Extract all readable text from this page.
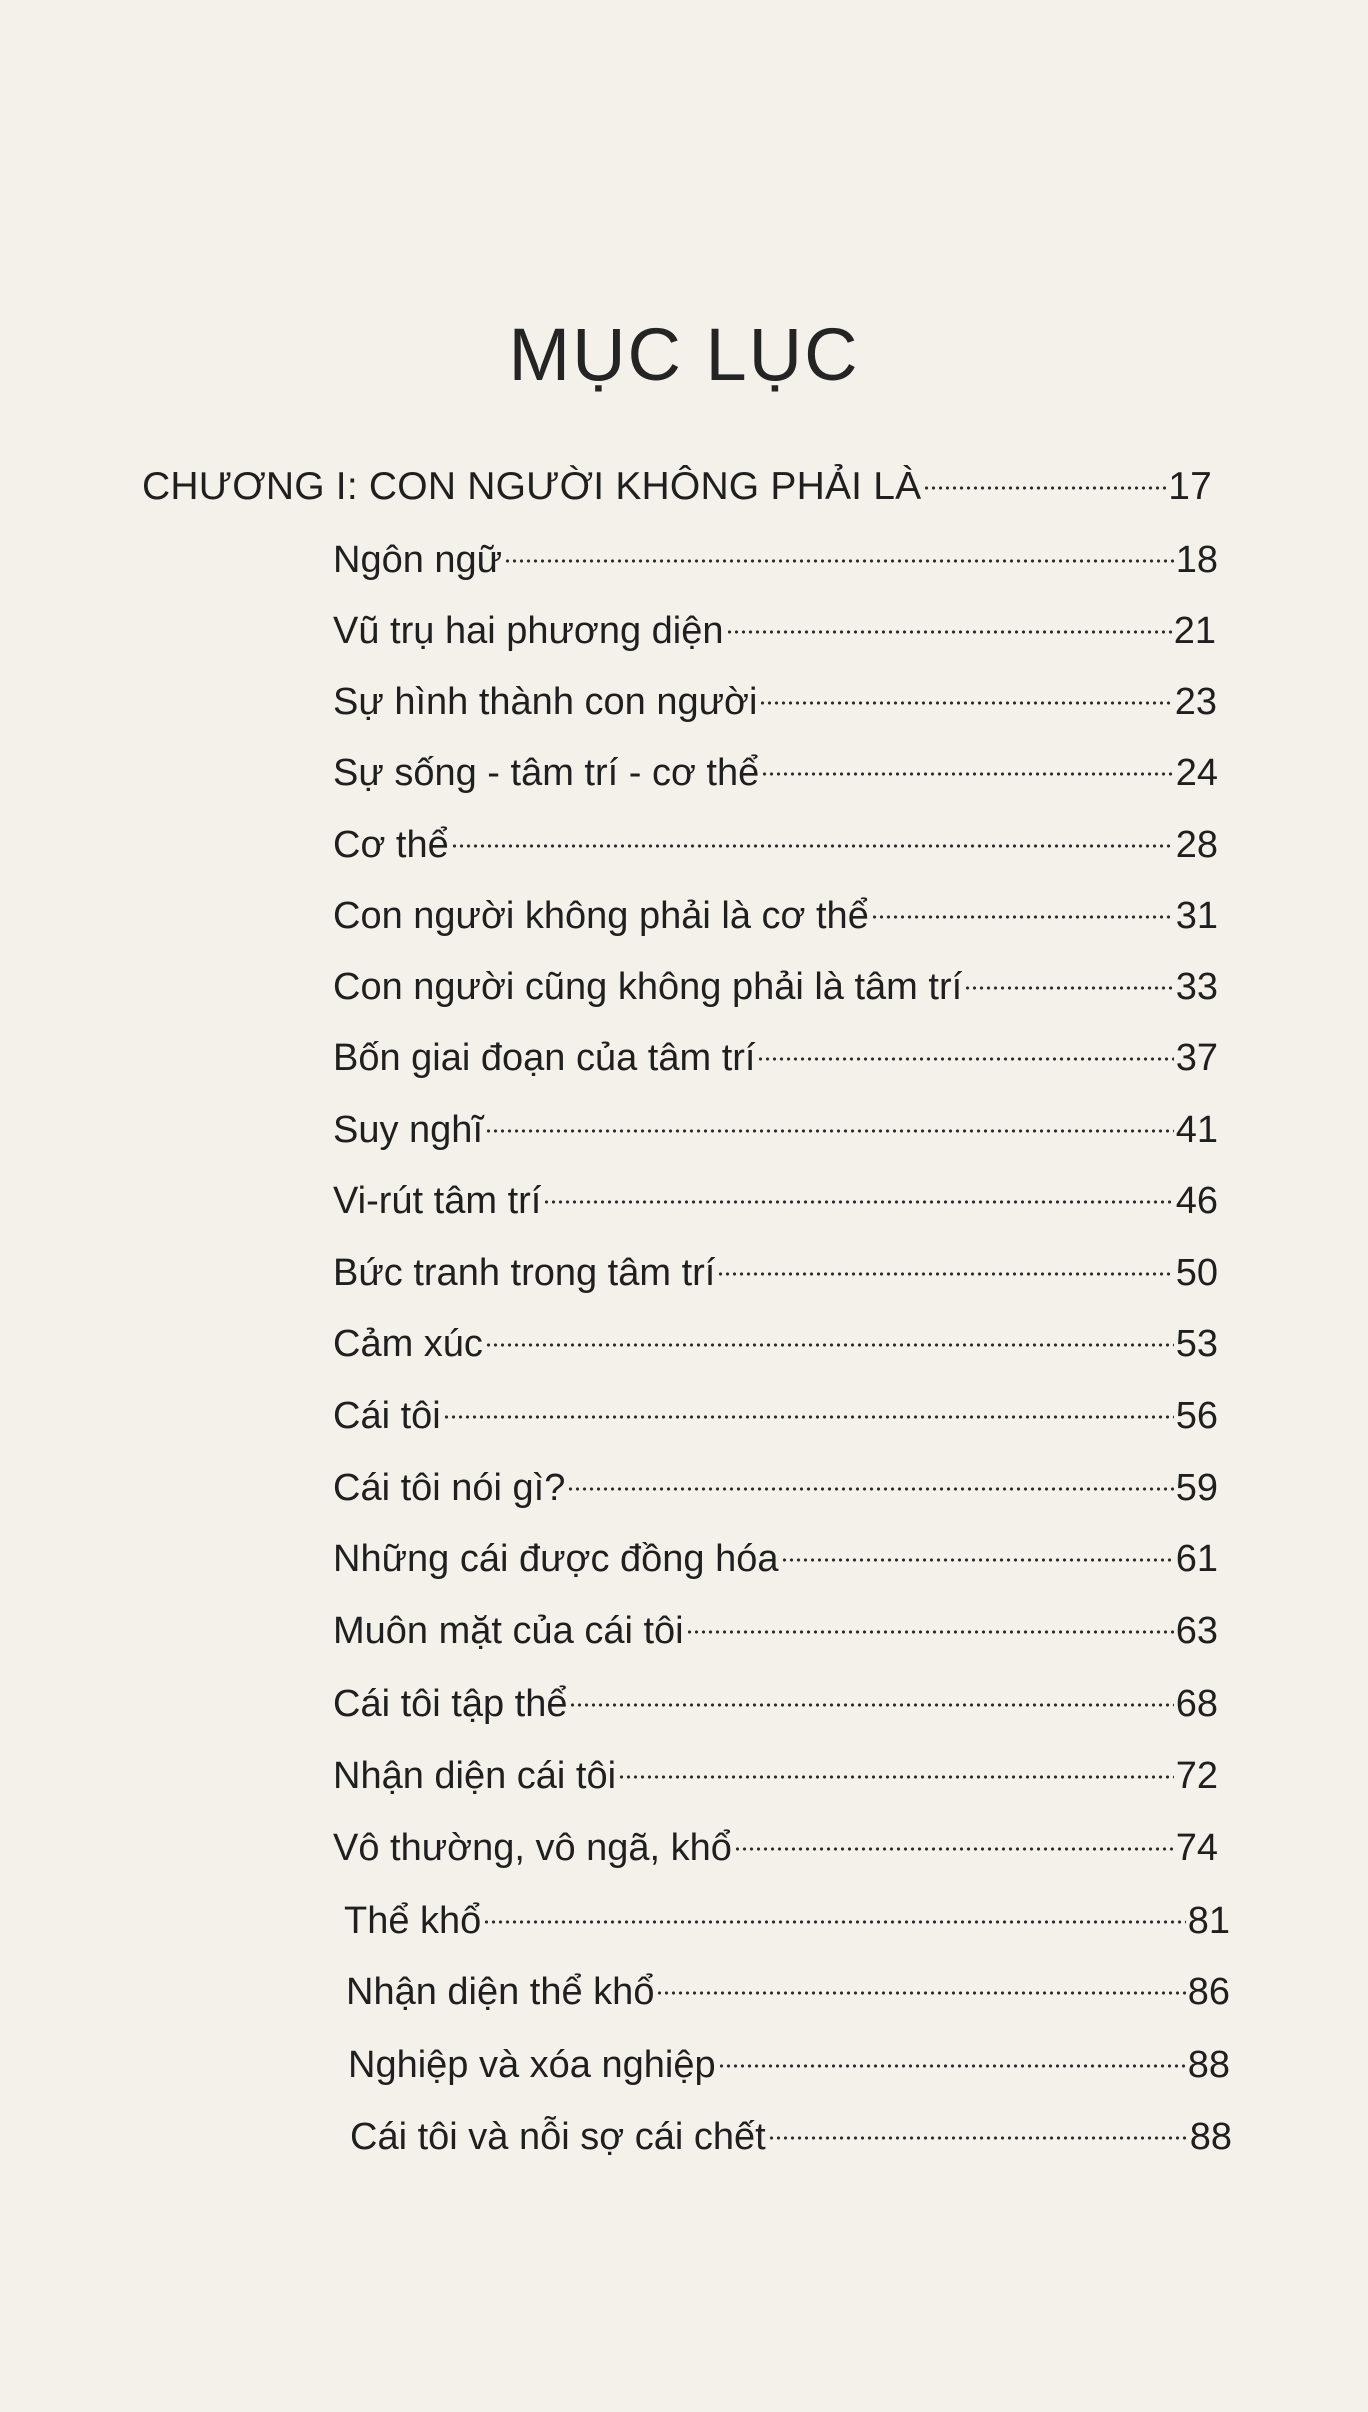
MỤC LỤC
CHƯƠNG I: CON NGƯỜI KHÔNG PHẢI LÀ	17
Ngôn ngữ	18
Vũ trụ hai phương diện	21
Sự hình thành con người	23
Sự sống - tâm trí - cơ thể	24
Cơ thể	28
Con người không phải là cơ thể	31
Con người cũng không phải là tâm trí	33
Bốn giai đoạn của tâm trí	37
Suy nghĩ	41
Vi-rút tâm trí	46
Bức tranh trong tâm trí	50
Cảm xúc	53
Cái tôi	56
Cái tôi nói gì?	59
Những cái được đồng hóa	61
Muôn mặt của cái tôi	63
Cái tôi tập thể	68
Nhận diện cái tôi	72
Vô thường, vô ngã, khổ	74
Thể khổ	81
Nhận diện thể khổ	86
Nghiệp và xóa nghiệp	88
Cái tôi và nỗi sợ cái chết	88
